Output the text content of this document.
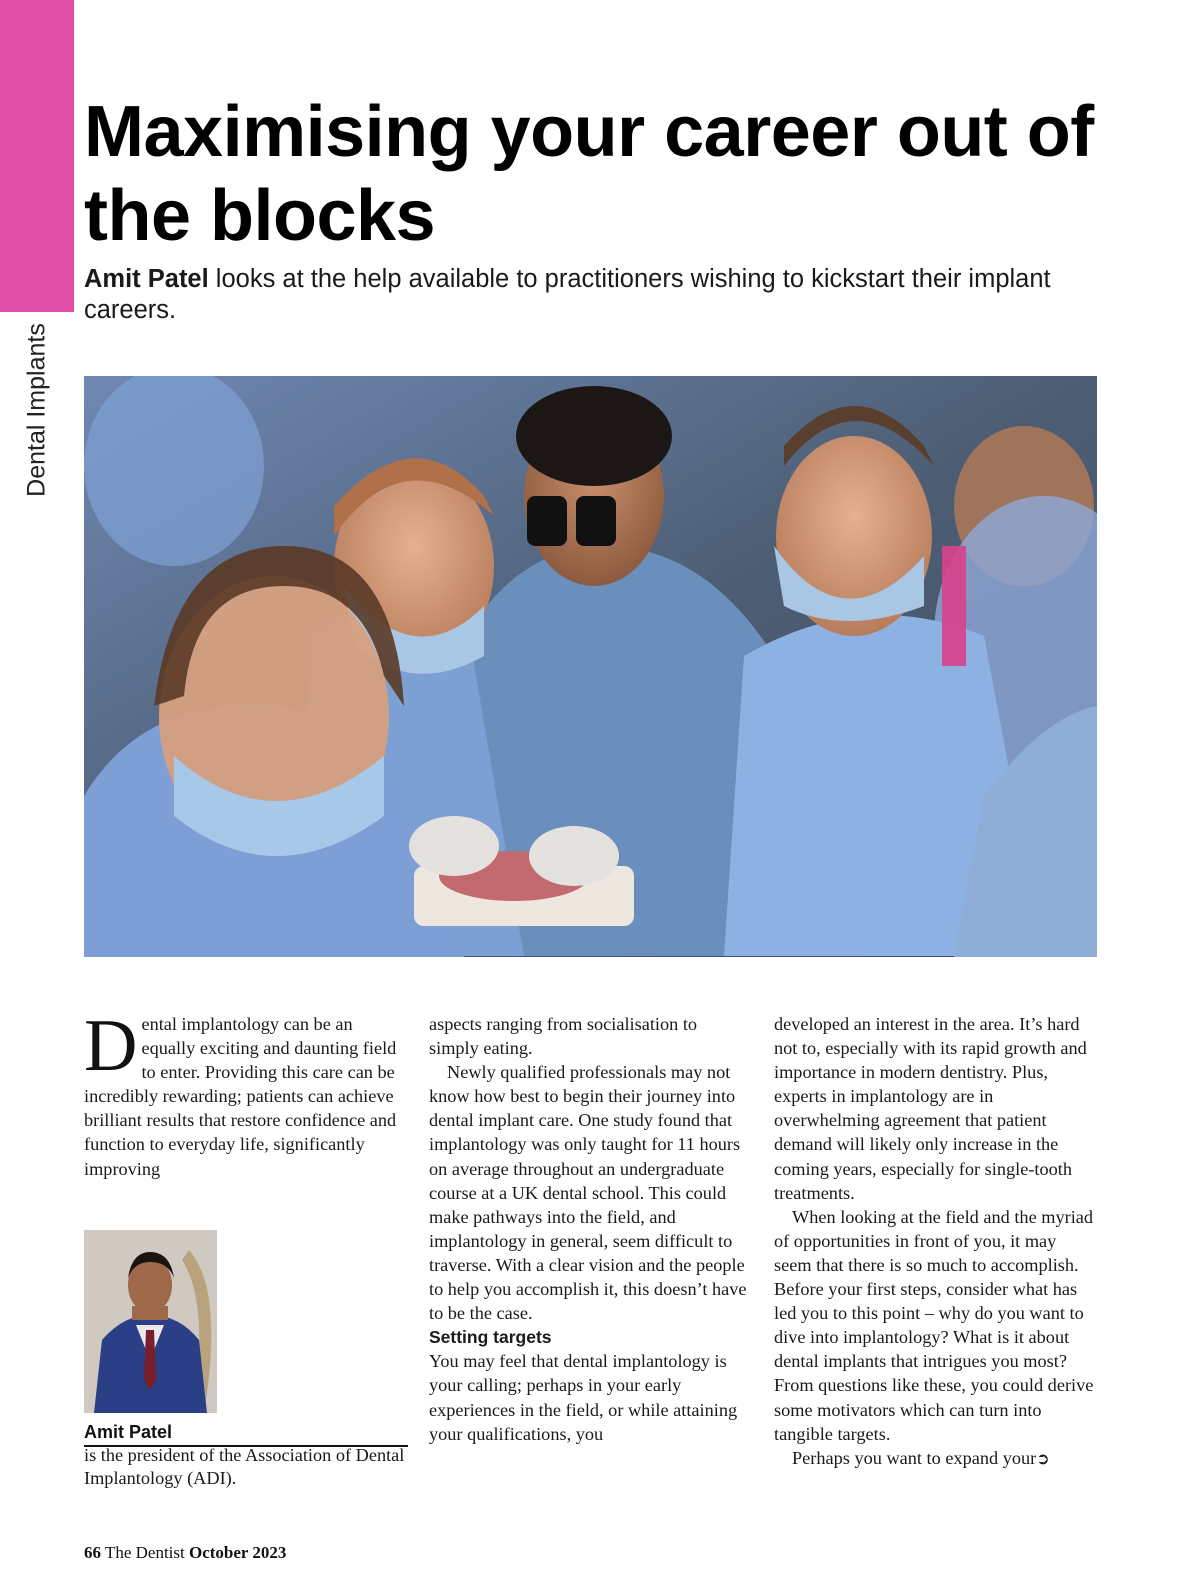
Dental Implants
Maximising your career out of the blocks
Amit Patel looks at the help available to practitioners wishing to kickstart their implant careers.

Dental implantology can be an equally exciting and daunting field to enter. Providing this care can be incredibly rewarding; patients can achieve brilliant results that restore confidence and function to everyday life, significantly improving

aspects ranging from socialisation to simply eating.

Newly qualified professionals may not know how best to begin their journey into dental implant care. One study found that implantology was only taught for 11 hours on average throughout an undergraduate course at a UK dental school. This could make pathways into the field, and implantology in general, seem difficult to traverse. With a clear vision and the people to help you accomplish it, this doesn’t have to be the case.

Setting targets

You may feel that dental implantology is your calling; perhaps in your early experiences in the field, or while attaining your qualifications, you

developed an interest in the area. It’s hard not to, especially with its rapid growth and importance in modern dentistry. Plus, experts in implantology are in overwhelming agreement that patient demand will likely only increase in the coming years, especially for single-tooth treatments.

When looking at the field and the myriad of opportunities in front of you, it may seem that there is so much to accomplish. Before your first steps, consider what has led you to this point – why do you want to dive into implantology? What is it about dental implants that intrigues you most? From questions like these, you could derive some motivators which can turn into tangible targets.

Perhaps you want to expand your➲

Amit Patel
is the president of the Association of Dental Implantology (ADI).
66 The Dentist October 2023
